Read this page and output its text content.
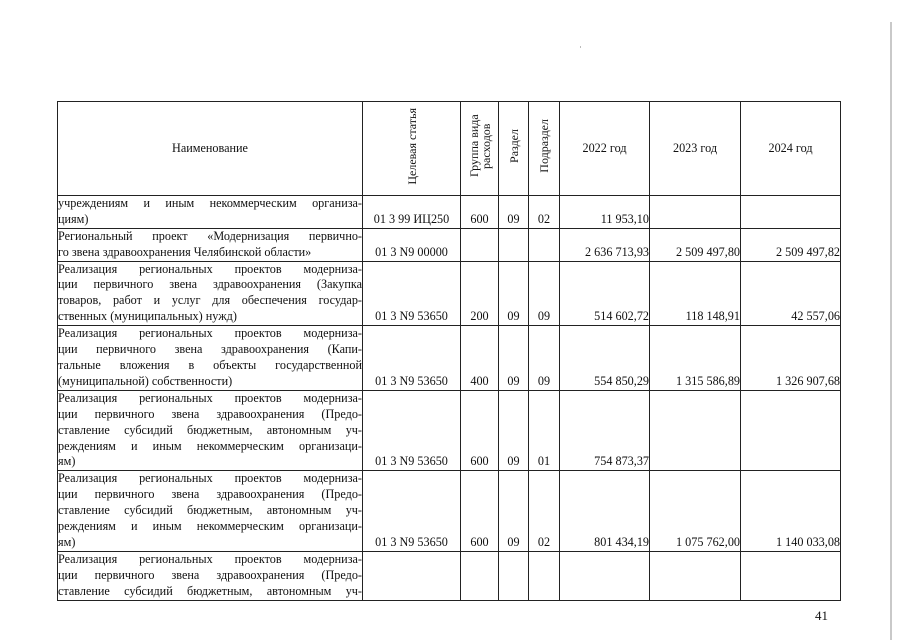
Наименование	Целевая статья	Группа вида расходов	Раздел	Подраздел	2022 год	2023 год	2024 год

учреждениям и иным некоммерческим организа-
циям)	01 3 99 ИЦ250	600	09	02	11 953,10		

Региональный проект «Модернизация первично-
го звена здравоохранения Челябинской области»	01 3 N9 00000				2 636 713,93	2 509 497,80	2 509 497,82

Реализация региональных проектов модерниза-
ции первичного звена здравоохранения (Закупка
товаров, работ и услуг для обеспечения государ-
ственных (муниципальных) нужд)	01 3 N9 53650	200	09	09	514 602,72	118 148,91	42 557,06

Реализация региональных проектов модерниза-
ции первичного звена здравоохранения (Капи-
тальные вложения в объекты государственной
(муниципальной) собственности)	01 3 N9 53650	400	09	09	554 850,29	1 315 586,89	1 326 907,68

Реализация региональных проектов модерниза-
ции первичного звена здравоохранения (Предо-
ставление субсидий бюджетным, автономным уч-
реждениям и иным некоммерческим организаци-
ям)	01 3 N9 53650	600	09	01	754 873,37		

Реализация региональных проектов модерниза-
ции первичного звена здравоохранения (Предо-
ставление субсидий бюджетным, автономным уч-
реждениям и иным некоммерческим организаци-
ям)	01 3 N9 53650	600	09	02	801 434,19	1 075 762,00	1 140 033,08

Реализация региональных проектов модерниза-
ции первичного звена здравоохранения (Предо-
ставление субсидий бюджетным, автономным уч-							

41
